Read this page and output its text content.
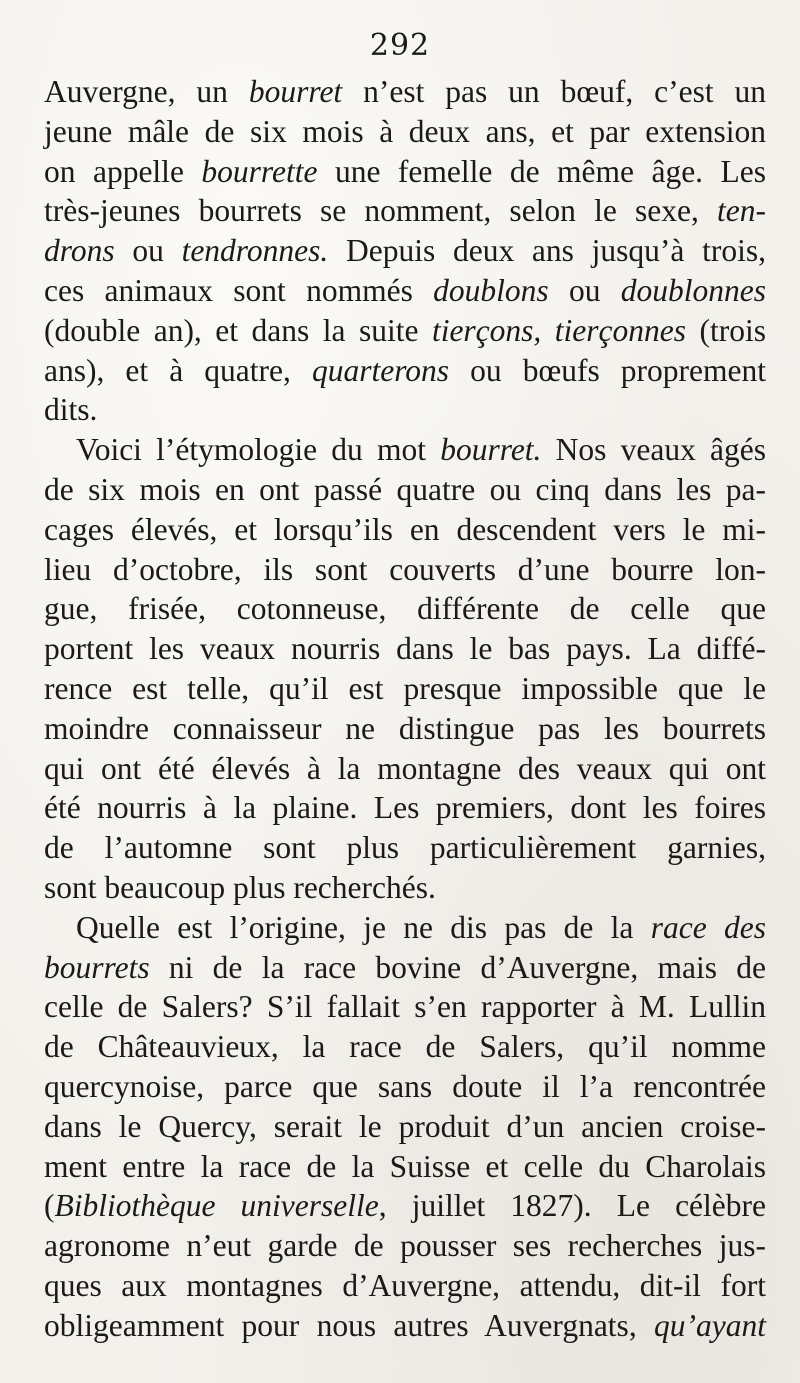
292
Auvergne, un bourret n’est pas un bœuf, c’est un
jeune mâle de six mois à deux ans, et par extension
on appelle bourrette une femelle de même âge. Les
très-jeunes bourrets se nomment, selon le sexe, ten-
drons ou tendronnes. Depuis deux ans jusqu’à trois,
ces animaux sont nommés doublons ou doublonnes
(double an), et dans la suite tierçons, tierçonnes (trois
ans), et à quatre, quarterons ou bœufs proprement
dits.
Voici l’étymologie du mot bourret. Nos veaux âgés
de six mois en ont passé quatre ou cinq dans les pa-
cages élevés, et lorsqu’ils en descendent vers le mi-
lieu d’octobre, ils sont couverts d’une bourre lon-
gue, frisée, cotonneuse, différente de celle que
portent les veaux nourris dans le bas pays. La diffé-
rence est telle, qu’il est presque impossible que le
moindre connaisseur ne distingue pas les bourrets
qui ont été élevés à la montagne des veaux qui ont
été nourris à la plaine. Les premiers, dont les foires
de l’automne sont plus particulièrement garnies,
sont beaucoup plus recherchés.
Quelle est l’origine, je ne dis pas de la race des
bourrets ni de la race bovine d’Auvergne, mais de
celle de Salers? S’il fallait s’en rapporter à M. Lullin
de Châteauvieux, la race de Salers, qu’il nomme
quercynoise, parce que sans doute il l’a rencontrée
dans le Quercy, serait le produit d’un ancien croise-
ment entre la race de la Suisse et celle du Charolais
(Bibliothèque universelle, juillet 1827). Le célèbre
agronome n’eut garde de pousser ses recherches jus-
ques aux montagnes d’Auvergne, attendu, dit-il fort
obligeamment pour nous autres Auvergnats, qu’ayant
